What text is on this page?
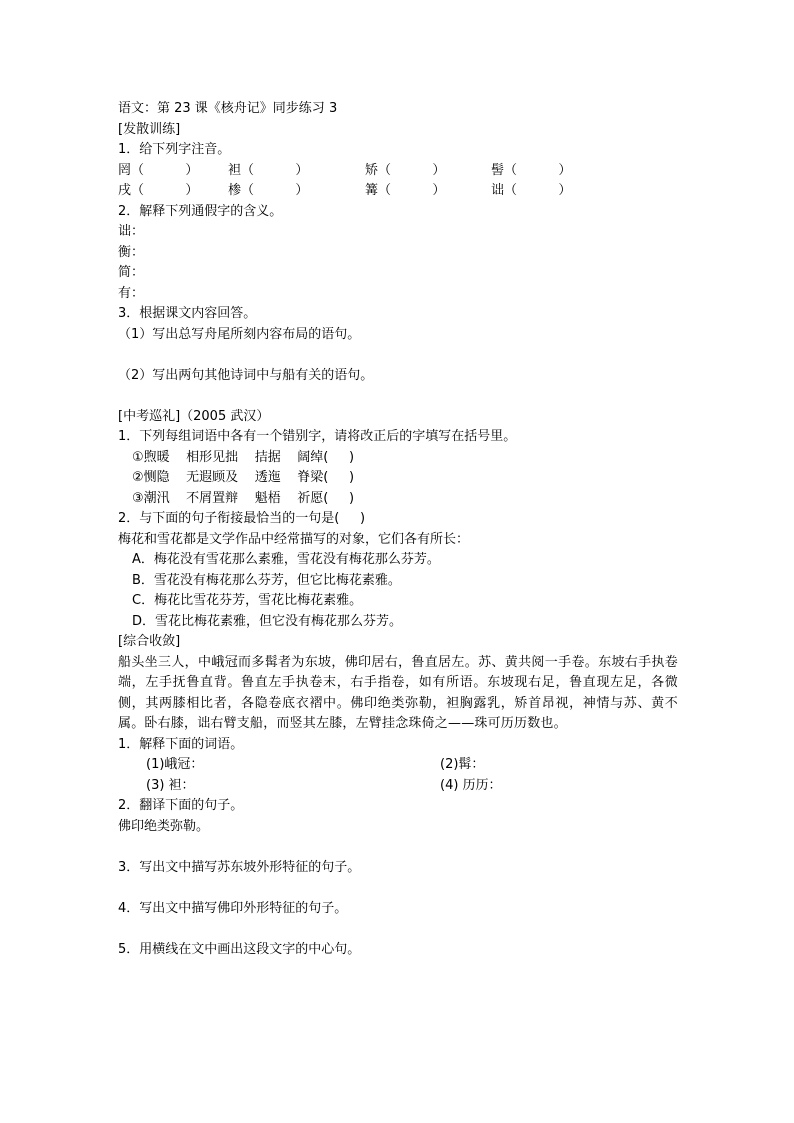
语文：第 23 课《核舟记》同步练习 3
[发散训练]
1．给下列字注音。
罔（          ）	袒（          ）	矫（          ）	髻（          ）
戌（          ）	椮（          ）	篝（          ）	诎（          ）
2．解释下列通假字的含义。
诎：
衡：
简：
有：
3．根据课文内容回答。
（1）写出总写舟尾所刻内容布局的语句。
（2）写出两句其他诗词中与船有关的语句。
[中考巡礼]（2005 武汉）
1．下列每组词语中各有一个错别字，请将改正后的字填写在括号里。
①煦暖    相形见拙    拮据    阔绰(     )
②恻隐    无遐顾及    透迤    脊梁(     )
③潮汛    不屑置辩    魁梧    祈愿(     )
2．与下面的句子衔接最恰当的一句是(     )
梅花和雪花都是文学作品中经常描写的对象，它们各有所长：
A．梅花没有雪花那么素雅，雪花没有梅花那么芬芳。
B．雪花没有梅花那么芬芳，但它比梅花素雅。
C．梅花比雪花芬芳，雪花比梅花素雅。
D．雪花比梅花素雅，但它没有梅花那么芬芳。
[综合收敛]
船头坐三人，中峨冠而多髯者为东坡，佛印居右，鲁直居左。苏、黄共阅一手卷。东坡右手执卷端，左手抚鲁直背。鲁直左手执卷末，右手指卷，如有所语。东坡现右足，鲁直现左足，各微侧，其两膝相比者，各隐卷底衣褶中。佛印绝类弥勒，袒胸露乳，矫首昂视，神情与苏、黄不属。卧右膝，诎右臂支船，而竖其左膝，左臂挂念珠倚之——珠可历历数也。
1．解释下面的词语。
(1)峨冠：	(2)髯：
(3) 袒：	(4) 历历：
2．翻译下面的句子。
佛印绝类弥勒。
3．写出文中描写苏东坡外形特征的句子。
4．写出文中描写佛印外形特征的句子。
5．用横线在文中画出这段文字的中心句。
